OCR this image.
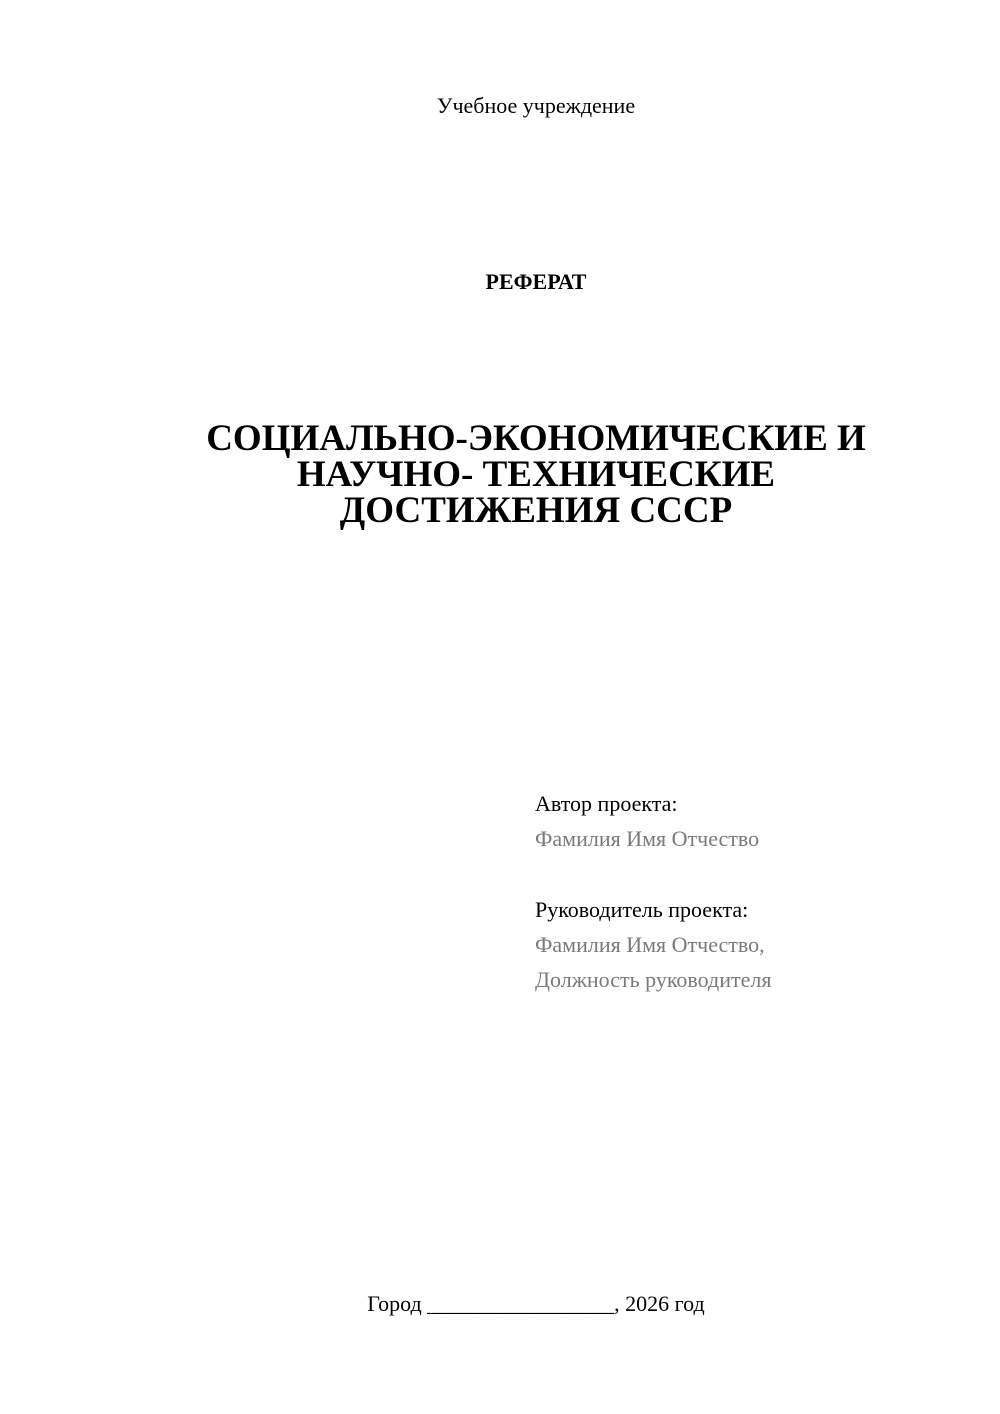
Учебное учреждение
РЕФЕРАТ
СОЦИАЛЬНО-ЭКОНОМИЧЕСКИЕ И
НАУЧНО- ТЕХНИЧЕСКИЕ
ДОСТИЖЕНИЯ СССР
Автор проекта:
Фамилия Имя Отчество
Руководитель проекта:
Фамилия Имя Отчество,
Должность руководителя
Город _________________, 2026 год
